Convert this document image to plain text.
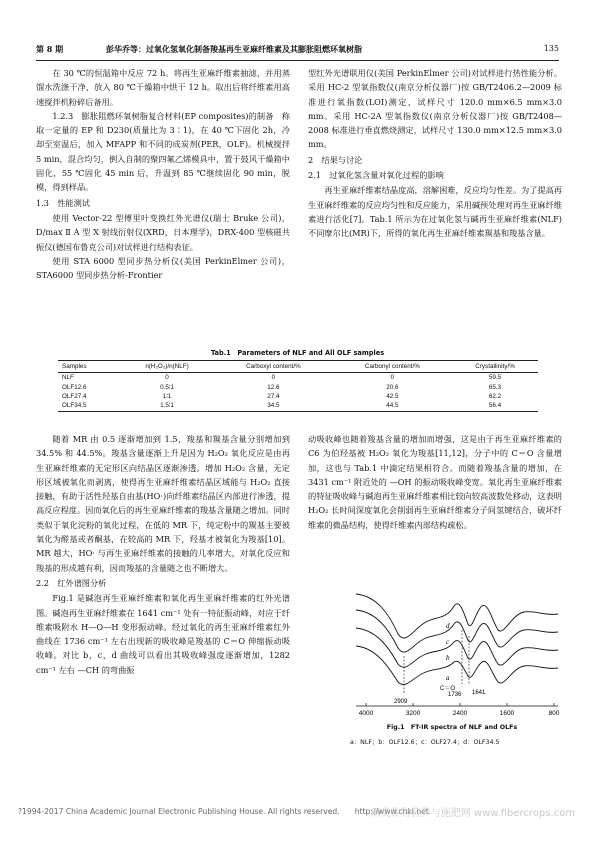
第 8 期	彭华乔等：过氧化氢氧化制备羧基再生亚麻纤维素及其膨胀阻燃环氧树脂	135

在 30 ℃的恒温箱中反应 72 h。将再生亚麻纤维素抽滤，并用蒸馏水洗涤干净，放入 80 ℃干燥箱中烘干 12 h。取出后将纤维素用高速搅拌机粉碎后备用。

1.2.3　膨胀阻燃环氧树脂复合材料(EP composites)的制备　称取一定量的 EP 和 D230(质量比为 3∶1)，在 40 ℃下固化 2h，冷却至室温后，加入 MFAPP 和不同的成炭剂(PER，OLF)。机械搅拌 5 min，混合均匀，倒入自制的聚四氟乙烯模具中，置于鼓风干燥箱中固化，55 ℃固化 45 min 后，升温到 85 ℃继续固化 90 min，脱模，得到样品。

1.3　性能测试

使用 Vector-22 型傅里叶变换红外光谱仪(瑞士 Bruke 公司)，D/max Ⅱ A 型 X 射线衍射仪(XRD，日本理学)，DRX-400 型核磁共振仪(德国布鲁克公司)对试样进行结构表征。

使用 STA 6000 型同步热分析仪(美国 PerkinElmer 公司)，STA6000 型同步热分析-Frontier

型红外光谱联用仪(美国 PerkinElmer 公司)对试样进行热性能分析。采用 HC-2 型氧指数仪(南京分析仪器厂)按 GB/T2406.2—2009 标准进行氧指数(LOI)测定，试样尺寸 120.0 mm×6.5 mm×3.0 mm。采用 HC-2A 型氧指数仪(南京分析仪器厂)按 GB/T2408—2008 标准进行垂直燃烧测定，试样尺寸 130.0 mm×12.5 mm×3.0 mm。

2　结果与讨论

2.1　过氧化氢含量对氧化过程的影响

再生亚麻纤维素结晶度高，溶解困难，反应均匀性差。为了提高再生亚麻纤维素的反应均匀性和反应能力，采用碱预处理对再生亚麻纤维素进行活化[7]。Tab.1 所示为在过氧化氢与碱再生亚麻纤维素(NLF)不同摩尔比(MR)下，所得的氧化再生亚麻纤维素羰基和羧基含量。

Tab.1　Parameters of NLF and All OLF samples
Samples	n(H₂O₂)/n(NLF)	Carboxyl content/%	Carbonyl content/%	Crystallinity/%
NLF	0	0	0	59.5
OLF12.6	0.5∶1	12.6	20.6	65.3
OLF27.4	1∶1	27.4	42.5	62.2
OLF34.5	1.5∶1	34.5	44.5	56.4

随着 MR 由 0.5 逐渐增加到 1.5，羧基和羰基含量分别增加到 34.5% 和 44.5%。羧基含量逐渐上升是因为 H₂O₂ 氧化反应是由再生亚麻纤维素的无定形区向结晶区逐渐渗透。增加 H₂O₂ 含量，无定形区域被氧化而剥离，使得再生亚麻纤维素结晶区域能与 H₂O₂ 直接接触，有助于活性羟基自由基(HO·)向纤维素结晶区内部进行渗透，提高反应程度。因而氧化后的再生亚麻纤维素的羧基含量随之增加。同时类似于氧化淀粉的氧化过程，在低的 MR 下，纯定粉中的羰基主要被氧化为醛基或者酮基，在较高的 MR 下，羟基才被氧化为羧基[10]。MR 越大，HO· 与再生亚麻纤维素的接触的几率增大，对氧化反应和羧基的形成越有利，因而羧基的含量随之也不断增大。

2.2　红外谱图分析

Fig.1 是碱泡再生亚麻纤维素和氧化再生亚麻纤维素的红外光谱图。碱泡再生亚麻纤维素在 1641 cm⁻¹ 处有一特征振动峰，对应于纤维素吸附水 H—O—H 变形振动峰。经过氧化的再生亚麻纤维素红外曲线在 1736 cm⁻¹ 左右出现新的吸收峰是羧基的 C＝O 伸缩振动吸收峰。对比 b，c，d 曲线可以看出其吸收峰强度逐渐增加，1282 cm⁻¹ 左右 —CH 的弯曲振

动吸收峰也随着羧基含量的增加而增强，这是由于再生亚麻纤维素的 C6 为伯羟基被 H₂O₂ 氧化为羧基[11,12]，分子中的 C＝O 含量增加，这也与 Tab.1 中滴定结果相符合。而随着羧基含量的增加，在 3431 cm⁻¹ 附近处的 —OH 的振动吸收峰变宽。氧化再生亚麻纤维素的特征吸收峰与碱泡再生亚麻纤维素相比较向较高波数处移动，这表明 H₂O₂ 长时间深度氧化会削弱再生亚麻纤维素分子间氢键结合，破坏纤维素的微晶结构，使得纤维素内部结构疏松。

a
b
c
d
C＝O
1736 1641
2909
4000	3200	2400	1600	800
Fig.1　FT-IR spectra of NLF and OLFs
a：NLF；b：OLF12.6；c：OLF27.4；d：OLF34.5
?1994-2017 China Academic Journal Electronic Publishing House. All rights reserved.　　http://www.cnki.net
麻类作物营养与施肥网 www.fibercrops.com
